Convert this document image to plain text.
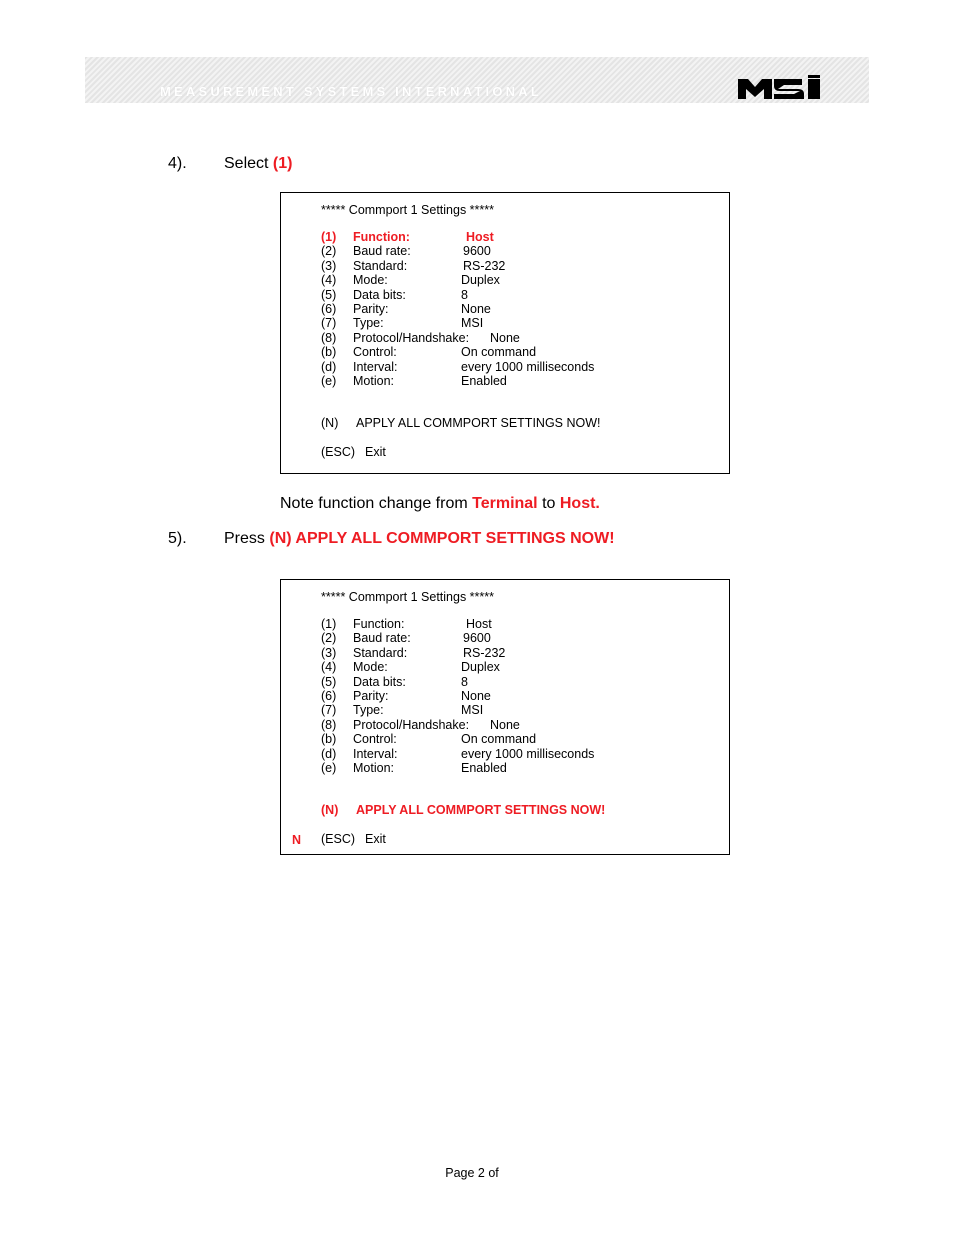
MEASUREMENT SYSTEMS INTERNATIONAL
4). Select (1)
***** Commport 1 Settings *****
(1) Function:	Host
(2) Baud rate:	9600
(3) Standard:	RS-232
(4) Mode:	Duplex
(5) Data bits:	8
(6) Parity:	None
(7) Type:	MSI
(8) Protocol/Handshake: None
(b) Control:	On command
(d) Interval:	every 1000 milliseconds
(e) Motion:	Enabled
(N) APPLY ALL COMMPORT SETTINGS NOW!
(ESC) Exit
Note function change from Terminal to Host.
5). Press (N) APPLY ALL COMMPORT SETTINGS NOW!
***** Commport 1 Settings *****
N
(1) Function:	Host
(2) Baud rate:	9600
(3) Standard:	RS-232
(4) Mode:	Duplex
(5) Data bits:	8
(6) Parity:	None
(7) Type:	MSI
(8) Protocol/Handshake: None
(b) Control:	On command
(d) Interval:	every 1000 milliseconds
(e) Motion:	Enabled
(N) APPLY ALL COMMPORT SETTINGS NOW!
(ESC) Exit
Page 2 of
